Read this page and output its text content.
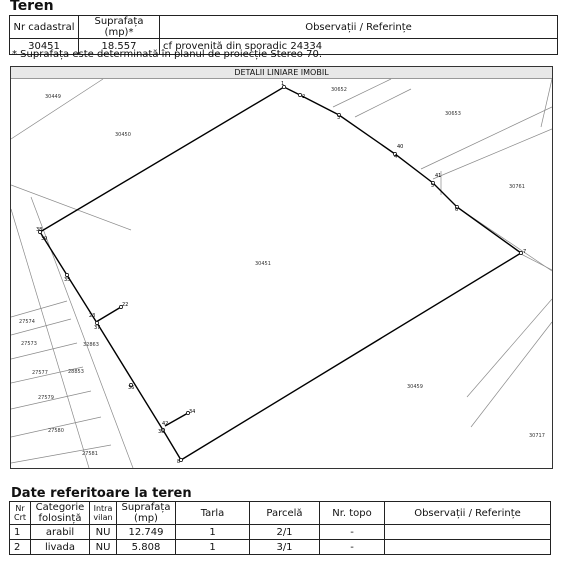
Teren
Nr cadastral	Suprafața (mp)*	Observații / Referințe
30451	18.557	cf provenită din sporadic 24334
* Suprafața este determinată în planul de proiecție Stereo 70.
DETALII LINIARE IMOBIL
30449
30450
30652
30653
30761
30451
30459
30717
27574
27573	32863
27577	28853
27579
27580
27581
1
2
3
4
5
6
7
8
22
23
33
34
35
36
37
38
39
40
41
42
Date referitoare la teren
Nr Crt	Categorie folosință	Intra vilan	Suprafața (mp)	Tarla	Parcelă	Nr. topo	Observații / Referințe
1	arabil	NU	12.749	1	2/1	-	
2	livada	NU	5.808	1	3/1	-	
